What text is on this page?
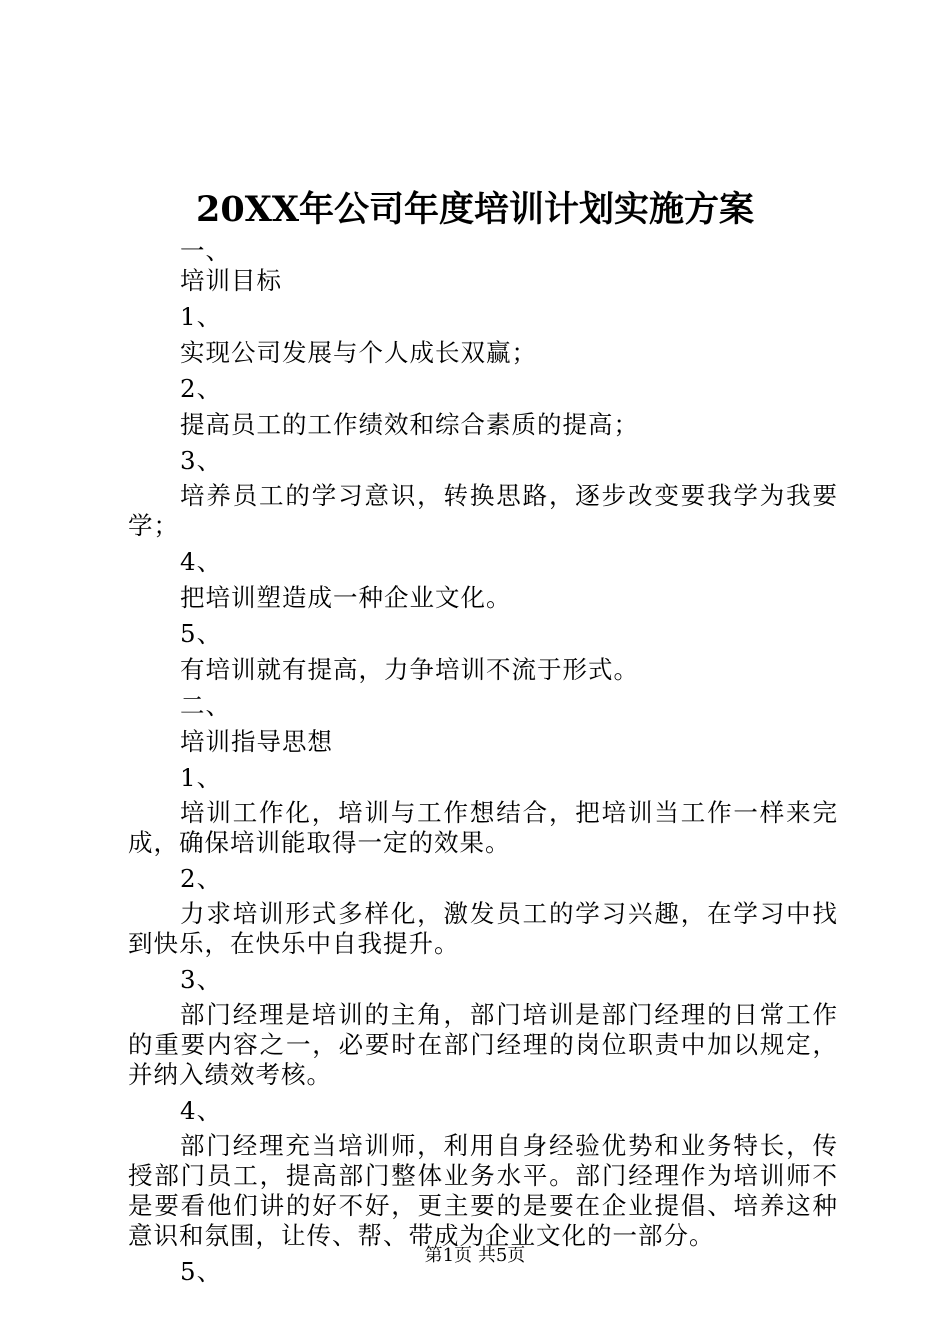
20XX年公司年度培训计划实施方案
一、
培训目标
1、
实现公司发展与个人成长双赢；
2、
提高员工的工作绩效和综合素质的提高；
3、
培养员工的学习意识，转换思路，逐步改变要我学为我要学；
4、
把培训塑造成一种企业文化。
5、
有培训就有提高，力争培训不流于形式。
二、
培训指导思想
1、
培训工作化，培训与工作想结合，把培训当工作一样来完成，确保培训能取得一定的效果。
2、
力求培训形式多样化，激发员工的学习兴趣，在学习中找到快乐，在快乐中自我提升。
3、
部门经理是培训的主角，部门培训是部门经理的日常工作的重要内容之一，必要时在部门经理的岗位职责中加以规定，并纳入绩效考核。
4、
部门经理充当培训师，利用自身经验优势和业务特长，传授部门员工，提高部门整体业务水平。部门经理作为培训师不是要看他们讲的好不好，更主要的是要在企业提倡、培养这种意识和氛围，让传、帮、带成为企业文化的一部分。
5、
第1页 共5页
